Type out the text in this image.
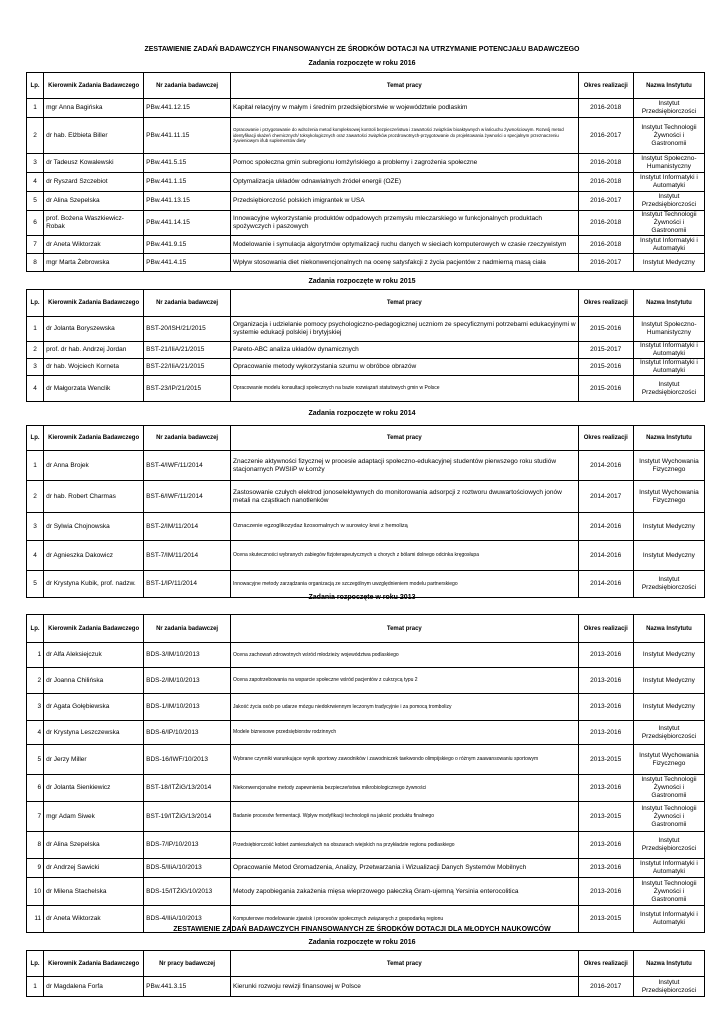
ZESTAWIENIE ZADAŃ BADAWCZYCH FINANSOWANYCH ZE ŚRODKÓW DOTACJI NA UTRZYMANIE POTENCJAŁU BADAWCZEGO
Zadania rozpoczęte w roku 2016
Lp.	Kierownik Zadania Badawczego	Nr zadania badawczej	Temat pracy	Okres realizacji	Nazwa Instytutu
1	mgr Anna Bagińska	PBw.441.12.15	Kapitał relacyjny w małym i średnim przedsiębiorstwie w województwie podlaskim	2016-2018	Instytut Przedsiębiorczości
2	dr hab. Elżbieta Biller	PBw.441.11.15	Opracowanie i przygotowanie do wdrożenia metod kompleksowej kontroli bezpieczeństwa i zawartości związków bioaktywnych w łańcuchu żywnościowym. Rozwój metod identyfikacji skażeń chemicznych/ toksykologicznych oraz zawartości związków prozdrowotnych-przygotowanie do projektowania żywności o specjalnym przeznaczeniu żywieniowym i/lub suplementów diety	2016-2017	Instytut Technologii Żywności i Gastronomii
3	dr Tadeusz Kowalewski	PBw.441.5.15	Pomoc społeczna gmin subregionu łomżyńskiego a problemy i zagrożenia społeczne	2016-2018	Instytut Społeczno-Humanistyczny
4	dr Ryszard Szczebiot	PBw.441.1.15	Optymalizacja układów odnawialnych źródeł energii (OZE)	2016-2018	Instytut Informatyki i Automatyki
5	dr Alina Szepelska	PBw.441.13.15	Przedsiębiorczość polskich imigrantek w USA	2016-2017	Instytut Przedsiębiorczości
6	prof. Bożena Waszkiewicz-Robak	PBw.441.14.15	Innowacyjne wykorzystanie produktów odpadowych przemysłu mleczarskiego w funkcjonalnych produktach spożywczych i paszowych	2016-2018	Instytut Technologii Żywności i Gastronomii
7	dr Aneta Wiktorzak	PBw.441.9.15	Modelowanie i symulacja algorytmów optymalizacji ruchu danych w sieciach komputerowych w czasie rzeczywistym	2016-2018	Instytut Informatyki i Automatyki
8	mgr Marta Żebrowska	PBw.441.4.15	Wpływ stosowania diet niekonwencjonalnych na ocenę satysfakcji z życia pacjentów z nadmierną masą ciała	2016-2017	Instytut Medyczny
Zadania rozpoczęte w roku 2015
Lp.	Kierownik Zadania Badawczego	Nr zadania badawczej	Temat pracy	Okres realizacji	Nazwa Instytutu
1	dr Jolanta Boryszewska	BST-20/ISH/21/2015	Organizacja i udzielanie pomocy psychologiczno-pedagogicznej uczniom ze specyficznymi potrzebami edukacyjnymi w systemie edukacji polskiej i brytyjskiej	2015-2016	Instytut Społeczno-Humanistyczny
2	prof. dr hab. Andrzej Jordan	BST-21/IIiA/21/2015	Pareto-ABC analiza układów dynamicznych	2015-2017	Instytut Informatyki i Automatyki
3	dr hab. Wojciech Korneta	BST-22/IIiA/21/2015	Opracowanie metody wykorzystania szumu w obróbce obrazów	2015-2016	Instytut Informatyki i Automatyki
4	dr Małgorzata Wenclik	BST-23/IP/21/2015	Opracowanie modelu konsultacji społecznych na bazie rozwiązań statutowych gmin w Polsce	2015-2016	Instytut Przedsiębiorczości
Zadania rozpoczęte w roku 2014
Lp.	Kierownik Zadania Badawczego	Nr zadania badawczej	Temat pracy	Okres realizacji	Nazwa Instytutu
1	dr Anna Brojek	BST-4/IWF/11/2014	Znaczenie aktywności fizycznej w procesie adaptacji społeczno-edukacyjnej studentów pierwszego roku studiów stacjonarnych PWSIiP w Łomży	2014-2016	Instytut Wychowania Fizycznego
2	dr hab. Robert Charmas	BST-6/IWF/11/2014	Zastosowanie czułych elektrod jonoselektywnych do monitorowania adsorpcji z roztworu dwuwartościowych jonów metali na cząstkach nanotlenków	2014-2017	Instytut Wychowania Fizycznego
3	dr Sylwia Chojnowska	BST-2/IM/11/2014	Oznaczenie egzoglikozydaz lizosomalnych w surowicy krwi z hemolizą	2014-2016	Instytut Medyczny
4	dr Agnieszka Dakowicz	BST-7/IM/11/2014	Ocena skuteczności wybranych zabiegów fizjoterapeutycznych u chorych z bólami dolnego odcinka kręgosłupa	2014-2016	Instytut Medyczny
5	dr Krystyna Kubik, prof. nadzw.	BST-1/IP/11/2014	Innowacyjne metody zarządzania organizacją ze szczególnym uwzględnieniem modelu partnerskiego	2014-2016	Instytut Przedsiębiorczości
Zadania rozpoczęte w roku 2013
Lp.	Kierownik Zadania Badawczego	Nr zadania badawczej	Temat pracy	Okres realizacji	Nazwa Instytutu
1	dr Alfa Aleksiejczuk	BDS-3/IM/10/2013	Ocena zachowań zdrowotnych wśród młodzieży województwa podlaskiego	2013-2016	Instytut Medyczny
2	dr Joanna Chilińska	BDS-2/IM/10/2013	Ocena zapotrzebowania na wsparcie społeczne wśród pacjentów z cukrzycą typu 2	2013-2016	Instytut Medyczny
3	dr Agata Gołębiewska	BDS-1/IM/10/2013	Jakość życia osób po udarze mózgu niedokrwiennym leczonym tradycyjnie i za pomocą trombolizy	2013-2016	Instytut Medyczny
4	dr Krystyna Leszczewska	BDS-6/IP/10/2013	Modele biznesowe przedsiębiorstw rodzinnych	2013-2016	Instytut Przedsiębiorczości
5	dr Jerzy Miller	BDS-16/IWF/10/2013	Wybrane czynniki warunkujące wynik sportowy zawodników i zawodniczek taekwondo olimpijskiego o różnym zaawansowaniu sportowym	2013-2015	Instytut Wychowania Fizycznego
6	dr Jolanta Sienkiewicz	BST-18/ITŻiG/13/2014	Niekonwencjonalne metody zapewnienia bezpieczeństwa mikrobiologicznego żywności	2013-2016	Instytut Technologii Żywności i Gastronomii
7	mgr Adam Siwek	BST-19/ITŻiG/13/2014	Badanie procesów fermentacji. Wpływ modyfikacji technologii na jakość produktu finalnego	2013-2015	Instytut Technologii Żywności i Gastronomii
8	dr Alina Szepelska	BDS-7/IP/10/2013	Przedsiębiorczość kobiet zamieszkałych na obszarach wiejskich na przykładzie regionu podlaskiego	2013-2016	Instytut Przedsiębiorczości
9	dr Andrzej Sawicki	BDS-5/IIiA/10/2013	Opracowanie Metod Gromadzenia, Analizy, Przetwarzania i Wizualizacji Danych Systemów Mobilnych	2013-2016	Instytut Informatyki i Automatyki
10	dr Milena Stachelska	BDS-15/ITŻiG/10/2013	Metody zapobiegania zakażenia mięsa wieprzowego pałeczką Gram-ujemną Yersinia enterocolitica	2013-2016	Instytut Technologii Żywności i Gastronomii
11	dr Aneta Wiktorzak	BDS-4/IIiA/10/2013	Komputerowe modelowanie zjawisk i procesów społecznych związanych z gospodarką regionu	2013-2015	Instytut Informatyki i Automatyki
ZESTAWIENIE ZADAŃ BADAWCZYCH FINANSOWANYCH ZE ŚRODKÓW DOTACJI DLA MŁODYCH NAUKOWCÓW
Zadania rozpoczęte w roku 2016
Lp.	Kierownik Zadania Badawczego	Nr pracy badawczej	Temat pracy	Okres realizacji	Nazwa Instytutu
1	dr Magdalena Forfa	PBw.441.3.15	Kierunki rozwoju rewizji finansowej w Polsce	2016-2017	Instytut Przedsiębiorczości
